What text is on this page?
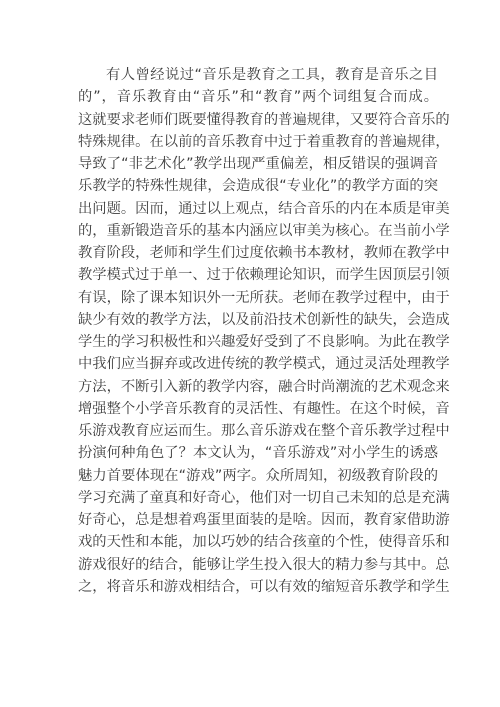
有人曾经说过“音乐是教育之工具，教育是音乐之目
的”，音乐教育由“音乐”和“教育”两个词组复合而成。
这就要求老师们既要懂得教育的普遍规律，又要符合音乐的
特殊规律。在以前的音乐教育中过于着重教育的普遍规律，
导致了“非艺术化”教学出现严重偏差，相反错误的强调音
乐教学的特殊性规律，会造成很“专业化”的教学方面的突
出问题。因而，通过以上观点，结合音乐的内在本质是审美
的，重新锻造音乐的基本内涵应以审美为核心。在当前小学
教育阶段，老师和学生们过度依赖书本教材，教师在教学中
教学模式过于单一、过于依赖理论知识，而学生因顶层引领
有误，除了课本知识外一无所获。老师在教学过程中，由于
缺少有效的教学方法，以及前沿技术创新性的缺失，会造成
学生的学习积极性和兴趣爱好受到了不良影响。为此在教学
中我们应当摒弃或改进传统的教学模式，通过灵活处理教学
方法，不断引入新的教学内容，融合时尚潮流的艺术观念来
增强整个小学音乐教育的灵活性、有趣性。在这个时候，音
乐游戏教育应运而生。那么音乐游戏在整个音乐教学过程中
扮演何种角色了？本文认为，“音乐游戏”对小学生的诱惑
魅力首要体现在“游戏”两字。众所周知，初级教育阶段的
学习充满了童真和好奇心，他们对一切自己未知的总是充满
好奇心，总是想着鸡蛋里面装的是啥。因而，教育家借助游
戏的天性和本能，加以巧妙的结合孩童的个性，使得音乐和
游戏很好的结合，能够让学生投入很大的精力参与其中。总
之，将音乐和游戏相结合，可以有效的缩短音乐教学和学生
